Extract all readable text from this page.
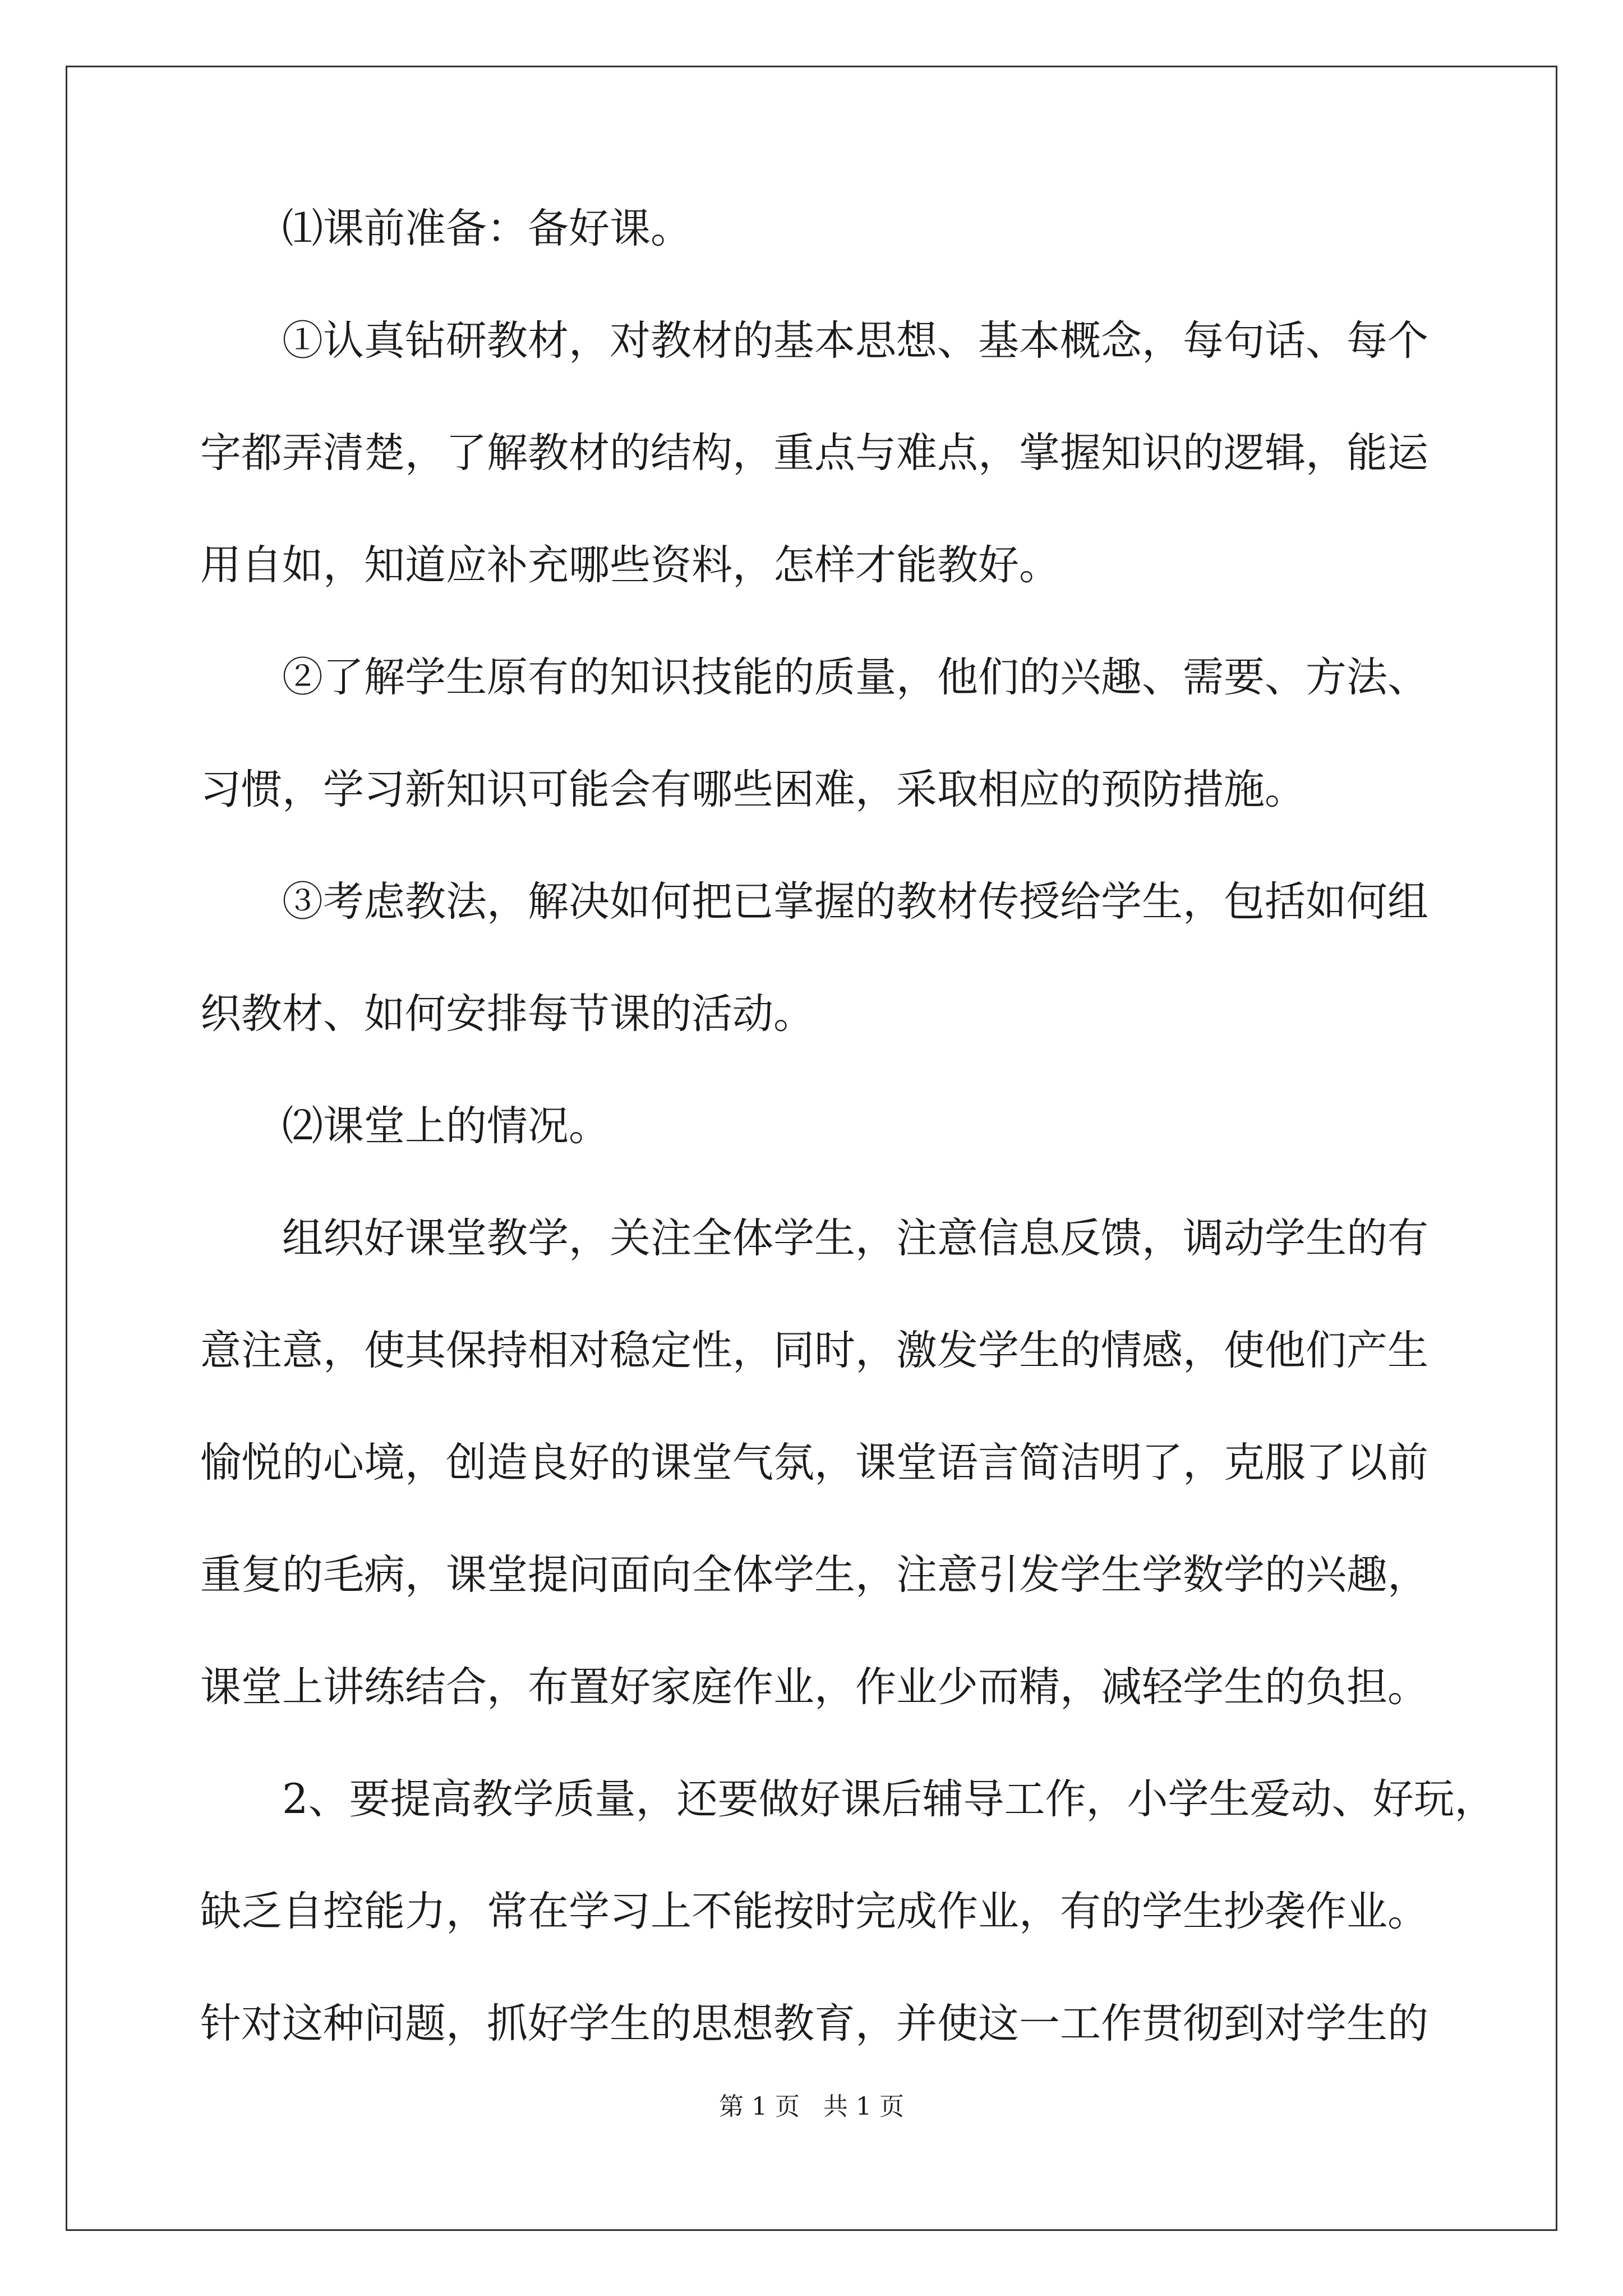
⑴课前准备：备好课。
①认真钻研教材，对教材的基本思想、基本概念，每句话、每个
字都弄清楚，了解教材的结构，重点与难点，掌握知识的逻辑，能运
用自如，知道应补充哪些资料，怎样才能教好。
②了解学生原有的知识技能的质量，他们的兴趣、需要、方法、
习惯，学习新知识可能会有哪些困难，采取相应的预防措施。
③考虑教法，解决如何把已掌握的教材传授给学生，包括如何组
织教材、如何安排每节课的活动。
⑵课堂上的情况。
组织好课堂教学，关注全体学生，注意信息反馈，调动学生的有
意注意，使其保持相对稳定性，同时，激发学生的情感，使他们产生
愉悦的心境，创造良好的课堂气氛，课堂语言简洁明了，克服了以前
重复的毛病，课堂提问面向全体学生，注意引发学生学数学的兴趣，
课堂上讲练结合，布置好家庭作业，作业少而精，减轻学生的负担。
2、要提高教学质量，还要做好课后辅导工作，小学生爱动、好玩，
缺乏自控能力，常在学习上不能按时完成作业，有的学生抄袭作业。
针对这种问题，抓好学生的思想教育，并使这一工作贯彻到对学生的
第 1 页   共 1 页
